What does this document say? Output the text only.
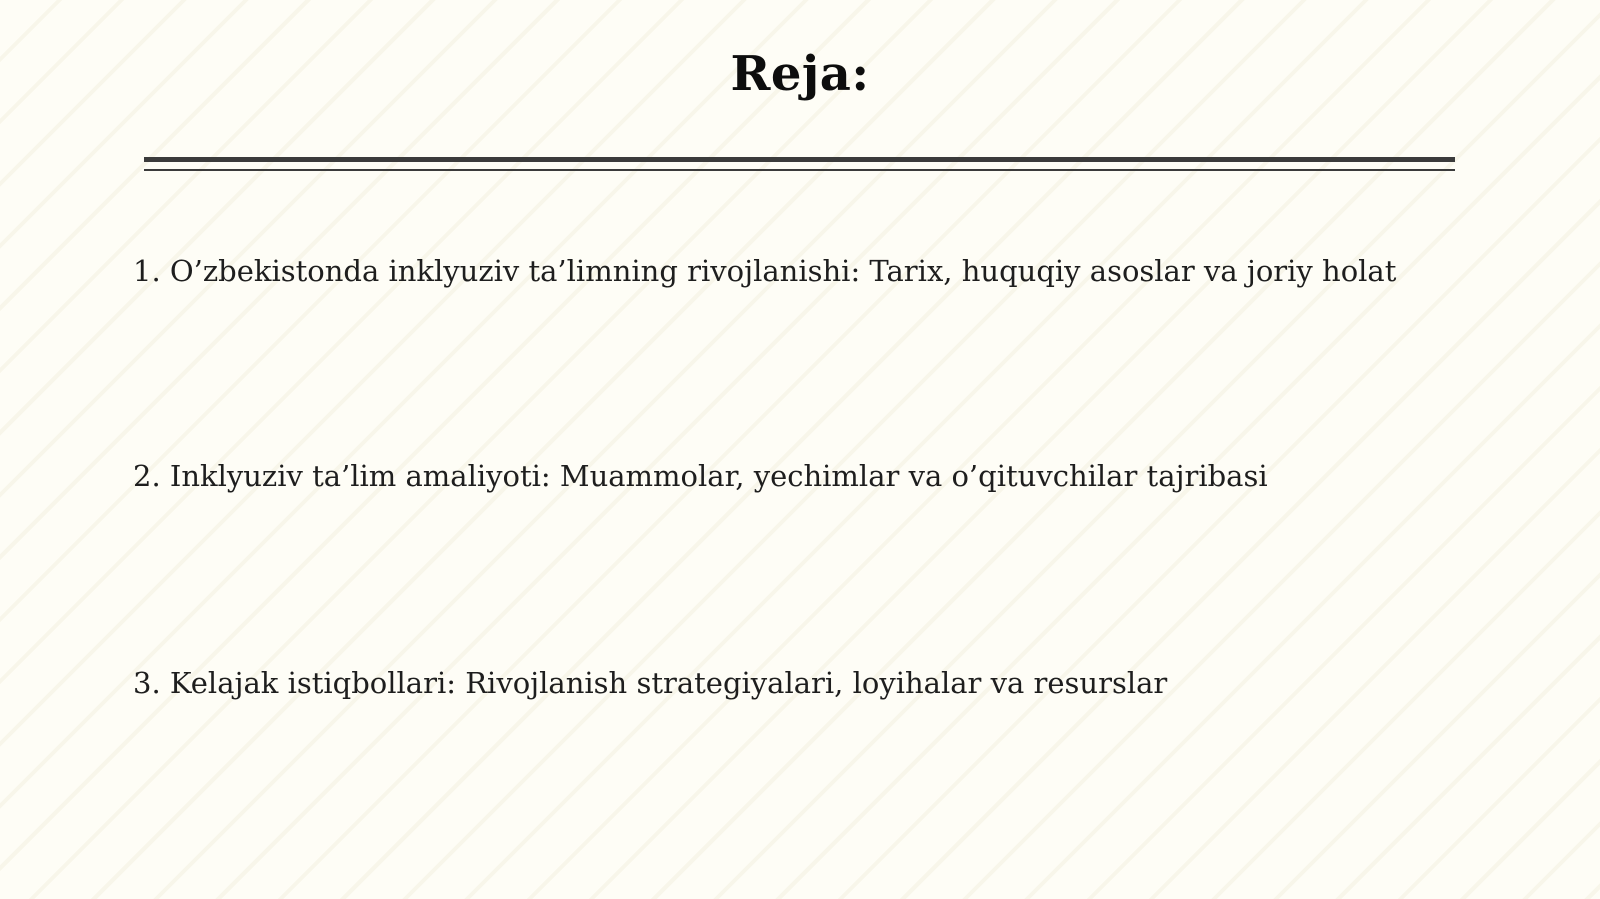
Reja:
1. O’zbekistonda inklyuziv ta’limning rivojlanishi: Tarix, huquqiy asoslar va joriy holat
2. Inklyuziv ta’lim amaliyoti: Muammolar, yechimlar va o’qituvchilar tajribasi
3. Kelajak istiqbollari: Rivojlanish strategiyalari, loyihalar va resurslar
